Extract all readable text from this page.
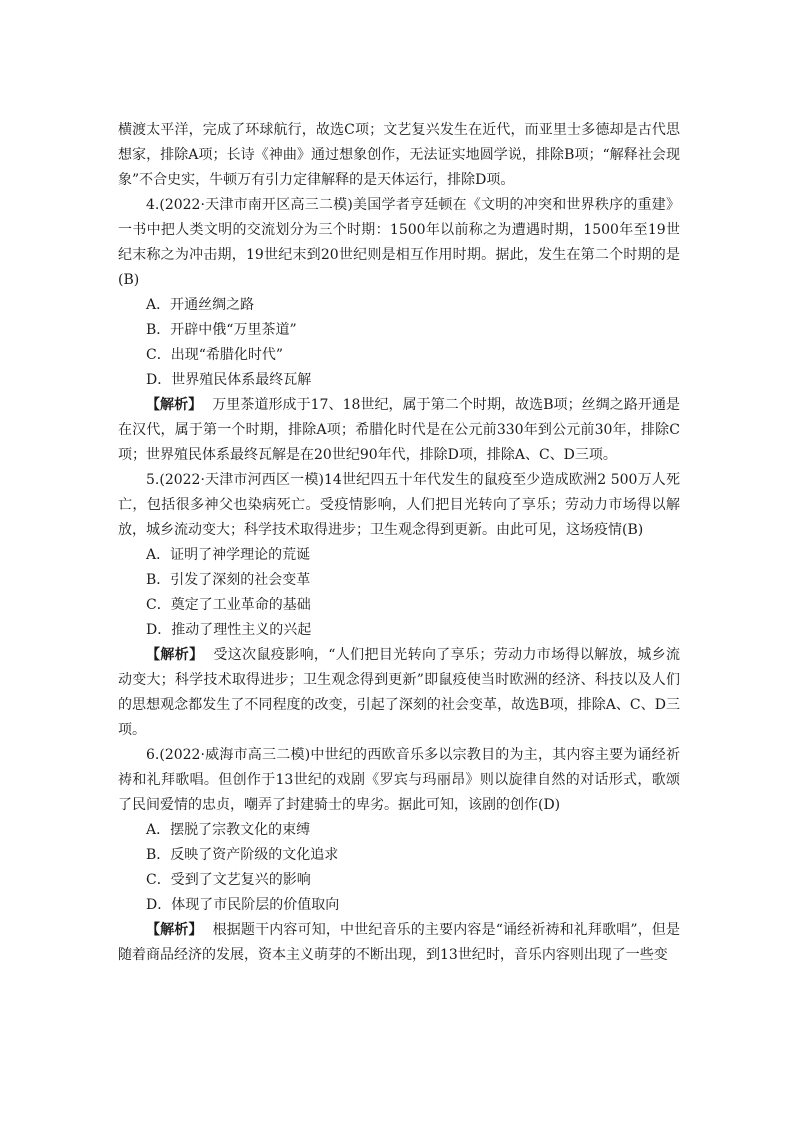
横渡太平洋，完成了环球航行，故选C项；文艺复兴发生在近代，而亚里士多德却是古代思想家，排除A项；长诗《神曲》通过想象创作，无法证实地圆学说，排除B项；“解释社会现象”不合史实，牛顿万有引力定律解释的是天体运行，排除D项。

4.(2022·天津市南开区高三二模)美国学者亨廷顿在《文明的冲突和世界秩序的重建》一书中把人类文明的交流划分为三个时期：1500年以前称之为遭遇时期，1500年至19世纪末称之为冲击期，19世纪末到20世纪则是相互作用时期。据此，发生在第二个时期的是(B)

A．开通丝绸之路

B．开辟中俄“万里茶道”

C．出现“希腊化时代”

D．世界殖民体系最终瓦解

【解析】 万里茶道形成于17、18世纪，属于第二个时期，故选B项；丝绸之路开通是在汉代，属于第一个时期，排除A项；希腊化时代是在公元前330年到公元前30年，排除C项；世界殖民体系最终瓦解是在20世纪90年代，排除D项，排除A、C、D三项。

5.(2022·天津市河西区一模)14世纪四五十年代发生的鼠疫至少造成欧洲2 500万人死亡，包括很多神父也染病死亡。受疫情影响，人们把目光转向了享乐；劳动力市场得以解放，城乡流动变大；科学技术取得进步；卫生观念得到更新。由此可见，这场疫情(B)

A．证明了神学理论的荒诞

B．引发了深刻的社会变革

C．奠定了工业革命的基础

D．推动了理性主义的兴起

【解析】 受这次鼠疫影响，“人们把目光转向了享乐；劳动力市场得以解放，城乡流动变大；科学技术取得进步；卫生观念得到更新”即鼠疫使当时欧洲的经济、科技以及人们的思想观念都发生了不同程度的改变，引起了深刻的社会变革，故选B项，排除A、C、D三项。

6.(2022·威海市高三二模)中世纪的西欧音乐多以宗教目的为主，其内容主要为诵经祈祷和礼拜歌唱。但创作于13世纪的戏剧《罗宾与玛丽昂》则以旋律自然的对话形式，歌颂了民间爱情的忠贞，嘲弄了封建骑士的卑劣。据此可知，该剧的创作(D)

A．摆脱了宗教文化的束缚

B．反映了资产阶级的文化追求

C．受到了文艺复兴的影响

D．体现了市民阶层的价值取向

【解析】 根据题干内容可知，中世纪音乐的主要内容是“诵经祈祷和礼拜歌唱”，但是随着商品经济的发展，资本主义萌芽的不断出现，到13世纪时，音乐内容则出现了一些变
